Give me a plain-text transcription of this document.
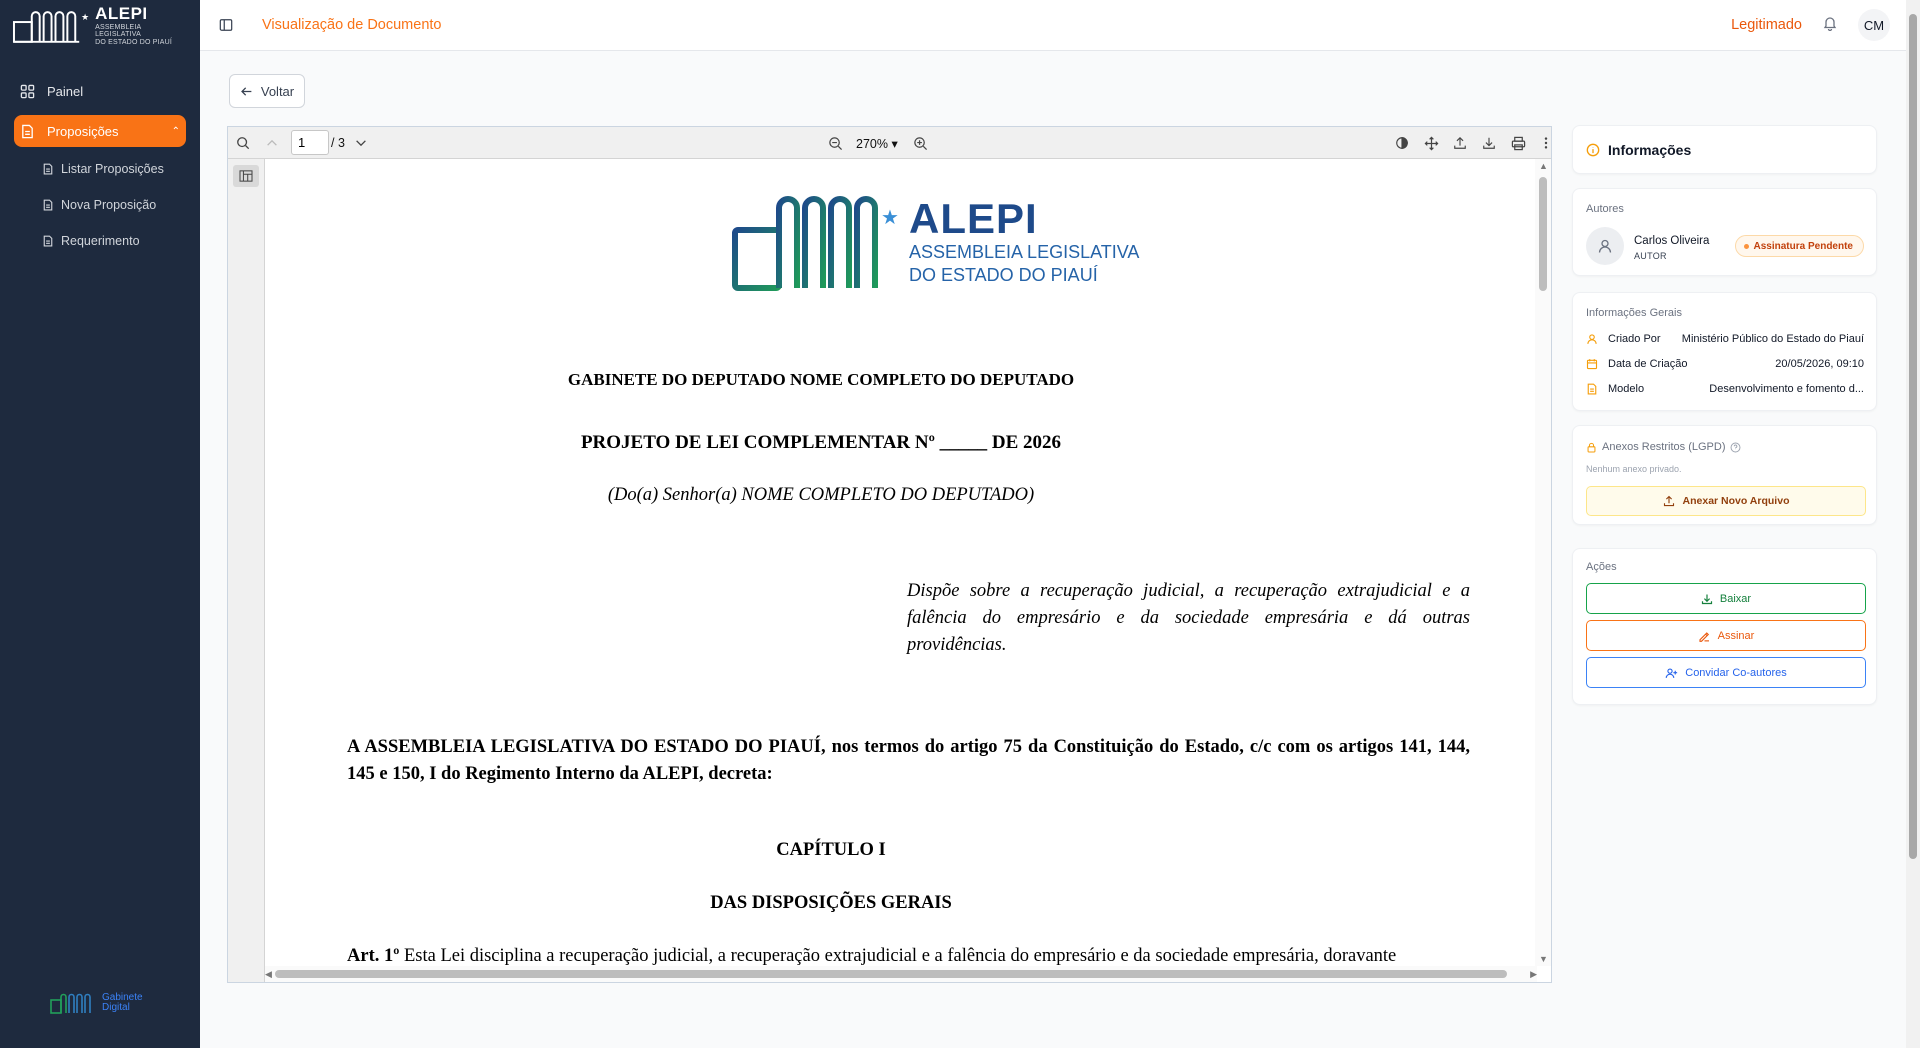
★ ALEPI
ASSEMBLEIA LEGISLATIVA
DO ESTADO DO PIAUÍ
Painel
Proposições	⌃
Listar Proposições
Nova Proposição
Requerimento
Gabinete
Digital
Visualização de Documento	Legitimado	CM
Voltar
1
/ 3	270% ▾
★ ALEPI
ASSEMBLEIA LEGISLATIVA
DO ESTADO DO PIAUÍ
GABINETE DO DEPUTADO NOME COMPLETO DO DEPUTADO
PROJETO DE LEI COMPLEMENTAR Nº _____ DE 2026
(Do(a) Senhor(a) NOME COMPLETO DO DEPUTADO)
Dispõe sobre a recuperação judicial, a recuperação extrajudicial e a falência do empresário e da sociedade empresária e dá outras providências.
A ASSEMBLEIA LEGISLATIVA DO ESTADO DO PIAUÍ, nos termos do artigo 75 da Constituição do Estado, c/c com os artigos 141, 144, 145 e 150, I do Regimento Interno da ALEPI, decreta:
CAPÍTULO I
DAS DISPOSIÇÕES GERAIS
Art. 1º Esta Lei disciplina a recuperação judicial, a recuperação extrajudicial e a falência do empresário e da sociedade empresária, doravante
▲
▼
◀	▶
Informações
Autores
Carlos Oliveira
AUTOR
Assinatura Pendente
Informações Gerais
Criado Por Ministério Público do Estado do Piauí
Data de Criação	20/05/2026, 09:10
Modelo	Desenvolvimento e fomento d...
Anexos Restritos (LGPD)
Nenhum anexo privado.
Anexar Novo Arquivo
Ações
Baixar
Assinar
Convidar Co-autores
